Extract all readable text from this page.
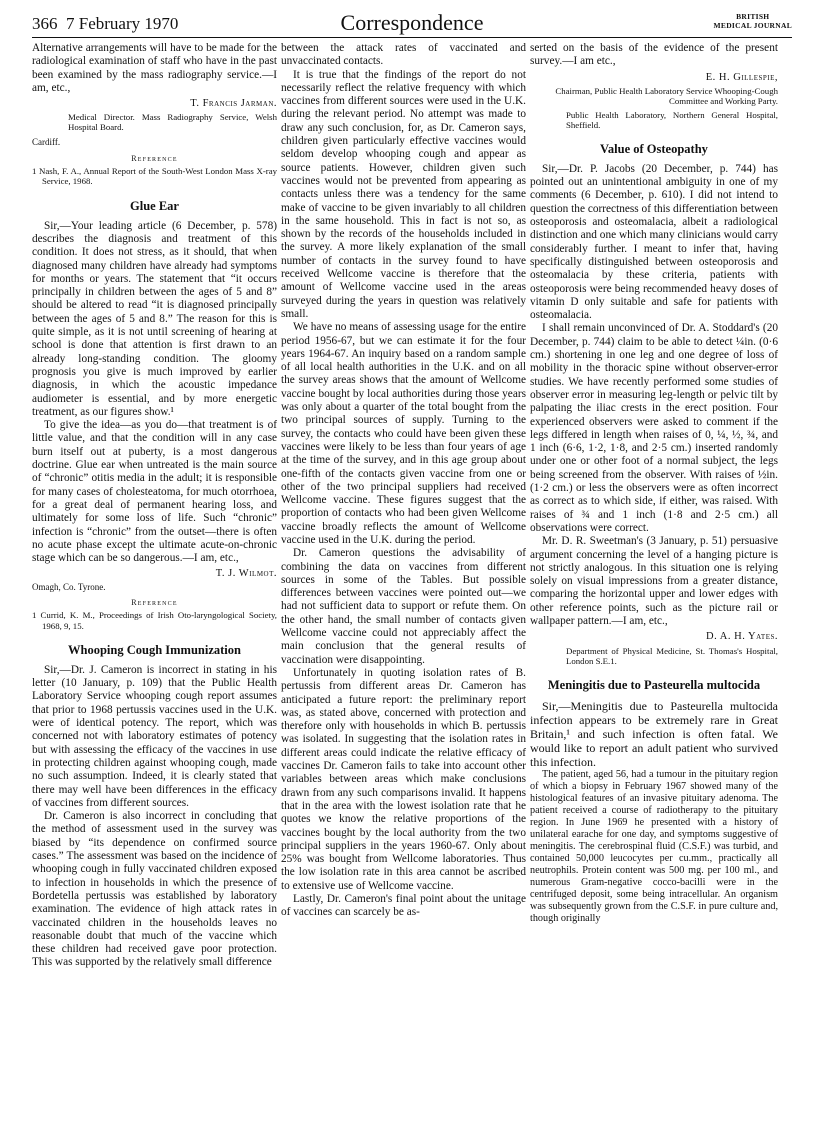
366 7 February 1970	Correspondence	BRITISH
MEDICAL JOURNAL

Alternative arrangements will have to be made for the radiological examination of staff who have in the past been examined by the mass radiography service.—I am, etc.,

T. Francis Jarman.
Medical Director. Mass Radiography Service, Welsh Hospital Board.
Cardiff.
Reference
1 Nash, F. A., Annual Report of the South-West London Mass X-ray Service, 1968.
Glue Ear

Sir,—Your leading article (6 December, p. 578) describes the diagnosis and treatment of this condition. It does not stress, as it should, that when diagnosed many children have already had symptoms for months or years. The statement that “it occurs principally in children between the ages of 5 and 8” should be altered to read “it is diagnosed principally between the ages of 5 and 8.” The reason for this is quite simple, as it is not until screening of hearing at school is done that attention is first drawn to an already long-standing condition. The gloomy prognosis you give is much improved by earlier diagnosis, in which the acoustic impedance audiometer is essential, and by more energetic treatment, as our figures show.¹

To give the idea—as you do—that treatment is of little value, and that the condition will in any case burn itself out at puberty, is a most dangerous doctrine. Glue ear when untreated is the main source of “chronic” otitis media in the adult; it is responsible for many cases of cholesteatoma, for much otorrhoea, for a great deal of permanent hearing loss, and ultimately for some loss of life. Such “chronic” infection is “chronic” from the outset—there is often no acute phase except the ultimate acute-on-chronic stage which can be so dangerous.—I am, etc.,

T. J. Wilmot.
Omagh, Co. Tyrone.
Reference
1 Currid, K. M., Proceedings of Irish Oto-laryngological Society, 1968, 9, 15.
Whooping Cough Immunization

Sir,—Dr. J. Cameron is incorrect in stating in his letter (10 January, p. 109) that the Public Health Laboratory Service whooping cough report assumes that prior to 1968 pertussis vaccines used in the U.K. were of identical potency. The report, which was concerned not with laboratory estimates of potency but with assessing the efficacy of the vaccines in use in protecting children against whooping cough, made no such assumption. Indeed, it is clearly stated that there may well have been differences in the efficacy of vaccines from different sources.

Dr. Cameron is also incorrect in concluding that the method of assessment used in the survey was biased by “its dependence on confirmed source cases.” The assessment was based on the incidence of whooping cough in fully vaccinated children exposed to infection in households in which the presence of Bordetella pertussis was established by laboratory examination. The evidence of high attack rates in vaccinated children in the households leaves no reasonable doubt that much of the vaccine which these children had received gave poor protection. This was supported by the relatively small difference

between the attack rates of vaccinated and unvaccinated contacts.

It is true that the findings of the report do not necessarily reflect the relative frequency with which vaccines from different sources were used in the U.K. during the relevant period. No attempt was made to draw any such conclusion, for, as Dr. Cameron says, children given particularly effective vaccines would seldom develop whooping cough and appear as source patients. However, children given such vaccines would not be prevented from appearing as contacts unless there was a tendency for the same make of vaccine to be given invariably to all children in the same household. This in fact is not so, as shown by the records of the households included in the survey. A more likely explanation of the small number of contacts in the survey found to have received Wellcome vaccine is therefore that the amount of Wellcome vaccine used in the areas surveyed during the years in question was relatively small.

We have no means of assessing usage for the entire period 1956-67, but we can estimate it for the four years 1964-67. An inquiry based on a random sample of all local health authorities in the U.K. and on all the survey areas shows that the amount of Wellcome vaccine bought by local authorities during those years was only about a quarter of the total bought from the two principal sources of supply. Turning to the survey, the contacts who could have been given these vaccines were likely to be less than four years of age at the time of the survey, and in this age group about one-fifth of the contacts given vaccine from one or other of the two principal suppliers had received Wellcome vaccine. These figures suggest that the proportion of contacts who had been given Wellcome vaccine broadly reflects the amount of Wellcome vaccine used in the U.K. during the period.

Dr. Cameron questions the advisability of combining the data on vaccines from different sources in some of the Tables. But possible differences between vaccines were pointed out—we had not sufficient data to support or refute them. On the other hand, the small number of contacts given Wellcome vaccine could not appreciably affect the main conclusion that the general results of vaccination were disappointing.

Unfortunately in quoting isolation rates of B. pertussis from different areas Dr. Cameron has anticipated a future report: the preliminary report was, as stated above, concerned with protection and therefore only with households in which B. pertussis was isolated. In suggesting that the isolation rates in different areas could indicate the relative efficacy of vaccines Dr. Cameron fails to take into account other variables between areas which make conclusions drawn from any such comparisons invalid. It happens that in the area with the lowest isolation rate that he quotes we know the relative proportions of the vaccines bought by the local authority from the two principal suppliers in the years 1960-67. Only about 25% was bought from Wellcome laboratories. Thus the low isolation rate in this area cannot be ascribed to extensive use of Wellcome vaccine.

Lastly, Dr. Cameron's final point about the unitage of vaccines can scarcely be as-

serted on the basis of the evidence of the present survey.—I am etc.,

E. H. Gillespie,
Chairman, Public Health Laboratory Service Whooping-Cough Committee and Working Party.
Public Health Laboratory, Northern General Hospital, Sheffield.
Value of Osteopathy

Sir,—Dr. P. Jacobs (20 December, p. 744) has pointed out an unintentional ambiguity in one of my comments (6 December, p. 610). I did not intend to question the correctness of this differentiation between osteoporosis and osteomalacia, albeit a radiological distinction and one which many clinicians would carry considerably further. I meant to infer that, having specifically distinguished between osteoporosis and osteomalacia by these criteria, patients with osteoporosis were being recommended heavy doses of vitamin D only suitable and safe for patients with osteomalacia.

I shall remain unconvinced of Dr. A. Stoddard's (20 December, p. 744) claim to be able to detect ¼in. (0·6 cm.) shortening in one leg and one degree of loss of mobility in the thoracic spine without observer-error studies. We have recently performed some studies of observer error in measuring leg-length or pelvic tilt by palpating the iliac crests in the erect position. Four experienced observers were asked to comment if the legs differed in length when raises of 0, ¼, ½, ¾, and 1 inch (6·6, 1·2, 1·8, and 2·5 cm.) inserted randomly under one or other foot of a normal subject, the legs being screened from the observer. With raises of ½in. (1·2 cm.) or less the observers were as often incorrect as correct as to which side, if either, was raised. With raises of ¾ and 1 inch (1·8 and 2·5 cm.) all observations were correct.

Mr. D. R. Sweetman's (3 January, p. 51) persuasive argument concerning the level of a hanging picture is not strictly analogous. In this situation one is relying solely on visual impressions from a greater distance, comparing the horizontal upper and lower edges with other reference points, such as the picture rail or wallpaper pattern.—I am, etc.,

D. A. H. Yates.
Department of Physical Medicine, St. Thomas's Hospital, London S.E.1.
Meningitis due to Pasteurella multocida

Sir,—Meningitis due to Pasteurella multocida infection appears to be extremely rare in Great Britain,¹ and such infection is often fatal. We would like to report an adult patient who survived this infection.

The patient, aged 56, had a tumour in the pituitary region of which a biopsy in February 1967 showed many of the histological features of an invasive pituitary adenoma. The patient received a course of radiotherapy to the pituitary region. In June 1969 he presented with a history of unilateral earache for one day, and symptoms suggestive of meningitis. The cerebrospinal fluid (C.S.F.) was turbid, and contained 50,000 leucocytes per cu.mm., practically all neutrophils. Protein content was 500 mg. per 100 ml., and numerous Gram-negative cocco-bacilli were in the centrifuged deposit, some being intracellular. An organism was subsequently grown from the C.S.F. in pure culture and, though originally
